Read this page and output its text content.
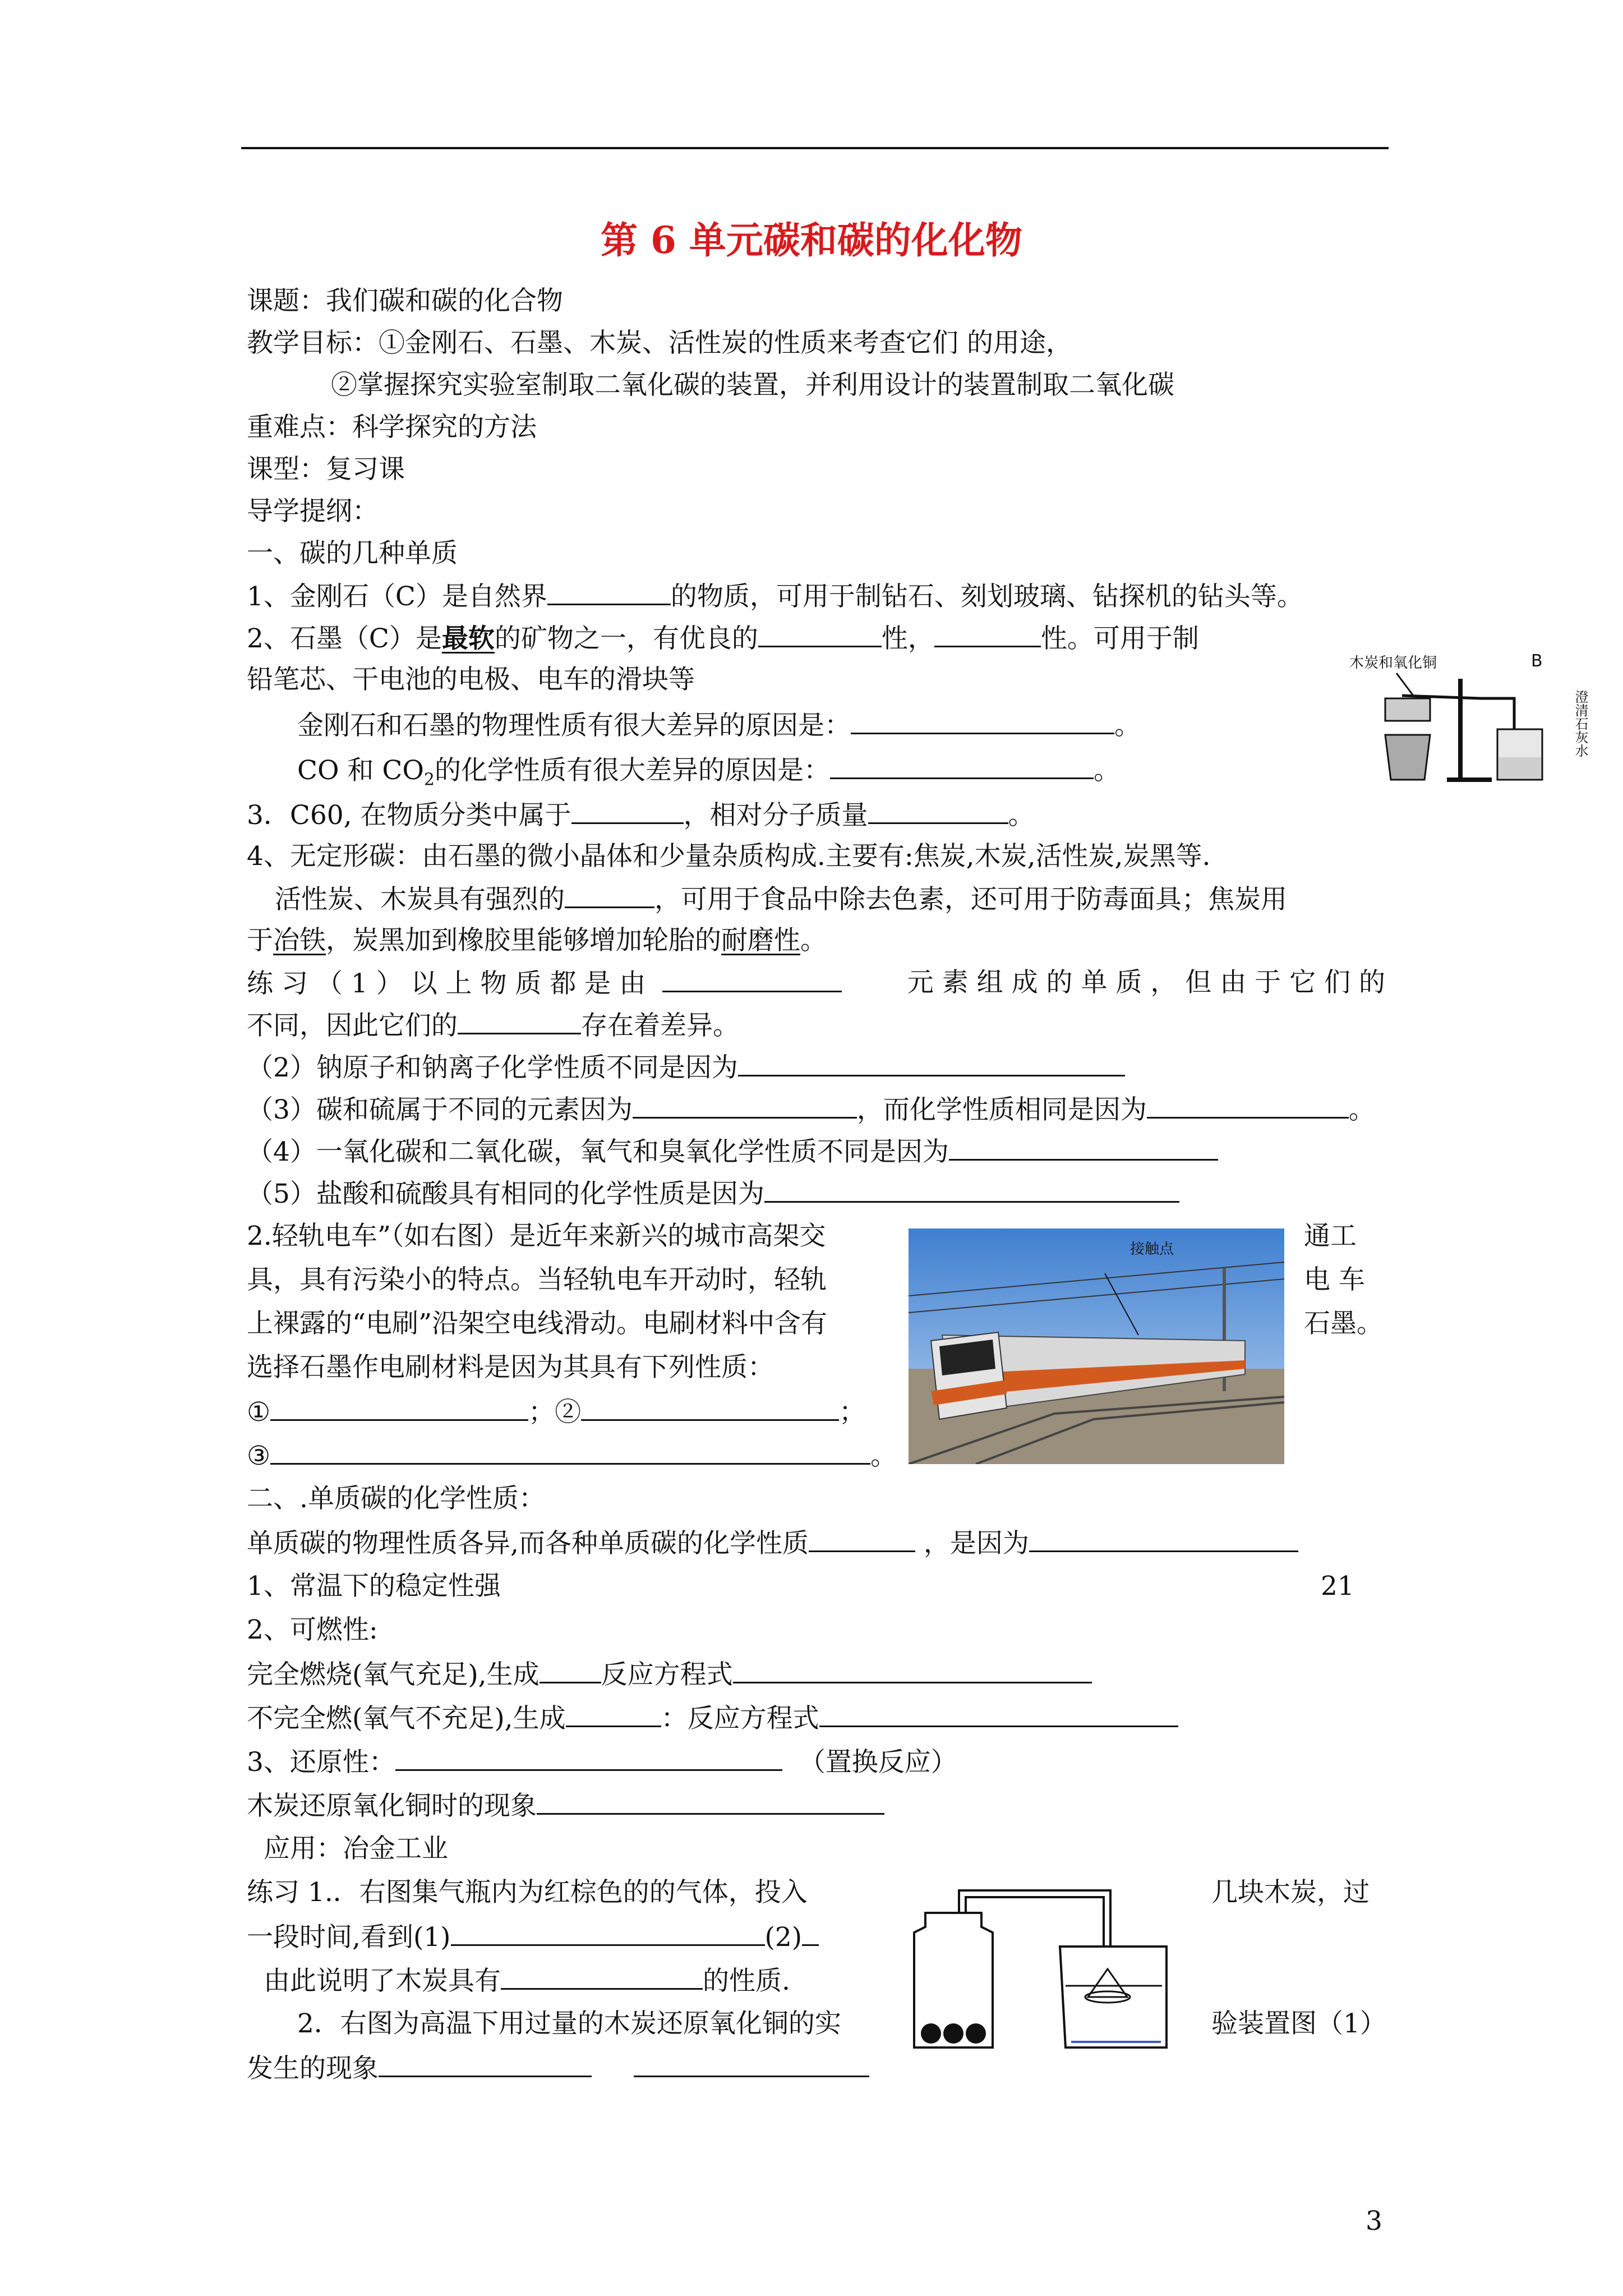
第 6 单元碳和碳的化化物
课题：我们碳和碳的化合物
教学目标：①金刚石、石墨、木炭、活性炭的性质来考查它们 的用途，
②掌握探究实验室制取二氧化碳的装置，并利用设计的装置制取二氧化碳
重难点：科学探究的方法
课型：复习课
导学提纲：
一、碳的几种单质
1、金刚石（C）是自然界	的物质，可用于制钻石、刻划玻璃、钻探机的钻头等。
2、石墨（C）是最软的矿物之一，有优良的	性，	性。可用于制
铅笔芯、干电池的电极、电车的滑块等
金刚石和石墨的物理性质有很大差异的原因是：	。
CO 和 $CO_2$的化学性质有很大差异的原因是：	。
木炭和氧化铜	B
澄清石灰水
3．C60, 在物质分类中属于	，相对分子质量	。
4、无定形碳：由石墨的微小晶体和少量杂质构成.主要有:焦炭,木炭,活性炭,炭黑等.
活性炭、木炭具有强烈的	，可用于食品中除去色素，还可用于防毒面具；焦炭用
于冶铁，炭黑加到橡胶里能够增加轮胎的耐磨性。
练 习 （ 1 ） 以 上 物 质 都 是 由	元 素 组 成 的 单 质 ， 但 由 于 它 们 的
不同，因此它们的	存在着差异。
（2）钠原子和钠离子化学性质不同是因为
（3）碳和硫属于不同的元素因为	，而化学性质相同是因为	。
（4）一氧化碳和二氧化碳，氧气和臭氧化学性质不同是因为
（5）盐酸和硫酸具有相同的化学性质是因为
2.轻轨电车”（如右图）是近年来新兴的城市高架交	通工
具，具有污染小的特点。当轻轨电车开动时，轻轨	电 车
上裸露的“电刷”沿架空电线滑动。电刷材料中含有	石墨。
选择石墨作电刷材料是因为其具有下列性质：
①	；②	；
③	。
接触点
二、.单质碳的化学性质：
单质碳的物理性质各异,而各种单质碳的化学性质	，是因为
1、常温下的稳定性强	21
2、可燃性:
完全燃烧(氧气充足),生成 反应方程式
不完全燃(氧气不充足),生成	：反应方程式
3、还原性：	（置换反应）
木炭还原氧化铜时的现象
应用：冶金工业
练习 1.．右图集气瓶内为红棕色的的气体，投入	几块木炭，过
一段时间,看到(1)	(2)
由此说明了木炭具有	的性质.
2．右图为高温下用过量的木炭还原氧化铜的实	验装置图（1）
发生的现象
3
